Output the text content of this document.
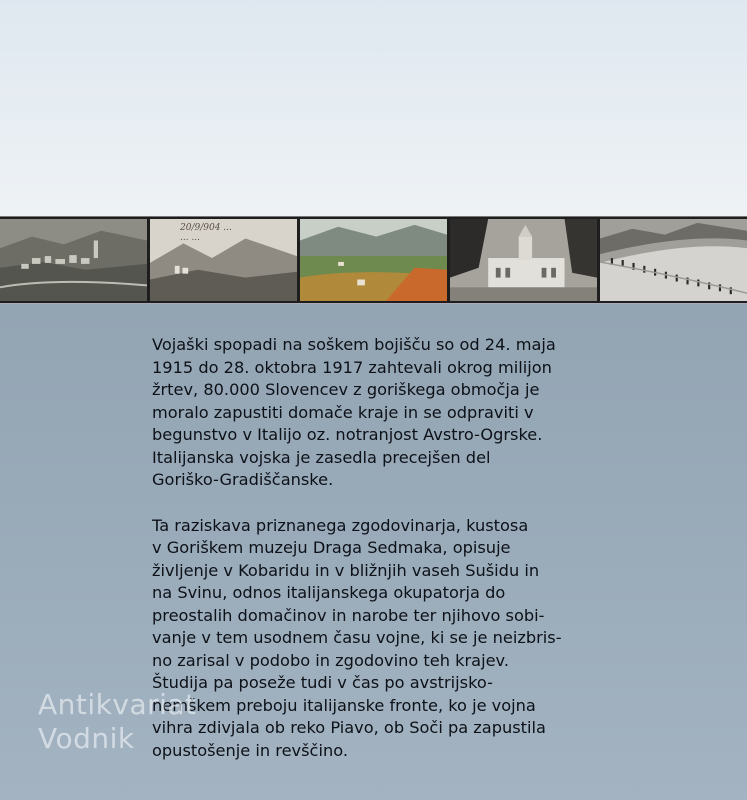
20/9/904 ...
... ...

Vojaški spopadi na soškem bojišču so od 24. maja
1915 do 28. oktobra 1917 zahtevali okrog milijon
žrtev, 80.000 Slovencev z goriškega območja je
moralo zapustiti domače kraje in se odpraviti v
begunstvo v Italijo oz. notranjost Avstro-Ogrske.
Italijanska vojska je zasedla precejšen del
Goriško-Gradiščanske.

Ta raziskava priznanega zgodovinarja, kustosa
v Goriškem muzeju Draga Sedmaka, opisuje
življenje v Kobaridu in v bližnjih vaseh Sušidu in
na Svinu, odnos italijanskega okupatorja do
preostalih domačinov in narobe ter njihovo sobi-
vanje v tem usodnem času vojne, ki se je neizbris-
no zarisal v podobo in zgodovino teh krajev.
Študija pa poseže tudi v čas po avstrijsko-
nemškem preboju italijanske fronte, ko je vojna
vihra zdivjala ob reko Piavo, ob Soči pa zapustila
opustošenje in revščino.

Antikvariat
Vodnik
